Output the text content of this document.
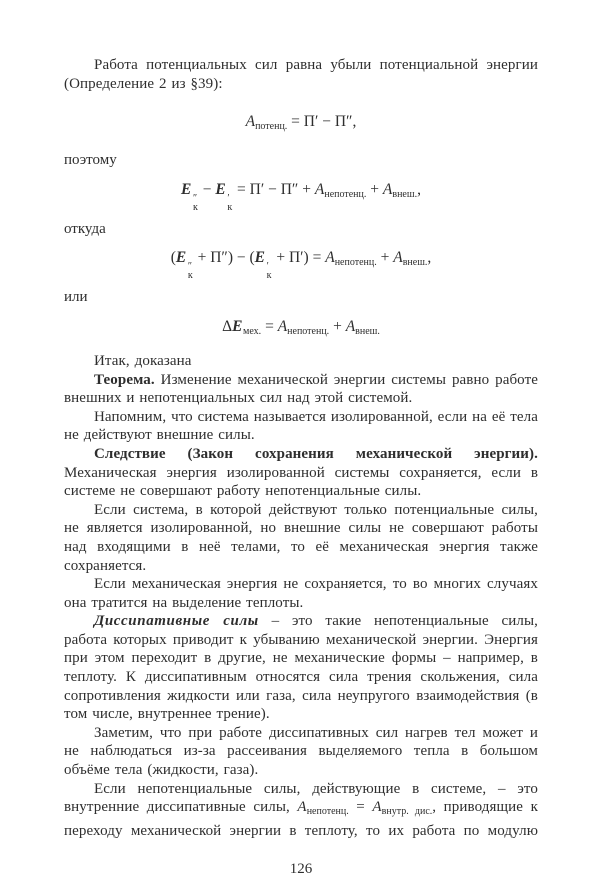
Работа потенциальных сил равна убыли потенциальной энергии (Определение 2 из §39):
$A_{потенц.} = П' - П''$,
поэтому
E
″
к
− E
′
к
= $П' - П'' + A_{непотенц.} + A_{внеш.}$,
откуда
(E
″
к
+ П″) − (E
′
к
+ $П') = A_{непотенц.} + A_{внеш.}$,
или
$\Delta E_{мех.} = A_{непотенц.} + A_{внеш.}$
Итак, доказана
Теорема. Изменение механической энергии системы равно работе внешних и непотенциальных сил над этой системой.
Напомним, что система называется изолированной, если на её тела не действуют внешние силы.
Следствие (Закон сохранения механической энергии). Механическая энергия изолированной системы сохраняется, если в системе не совершают работу непотенциальные силы.
Если система, в которой действуют только потенциальные силы, не является изолированной, но внешние силы не совершают работы над входящими в неё телами, то её механическая энергия также сохраняется.
Если механическая энергия не сохраняется, то во многих случаях она тратится на выделение теплоты.
Диссипативные силы – это такие непотенциальные силы, работа которых приводит к убыванию механической энергии. Энергия при этом переходит в другие, не механические формы – например, в теплоту. К диссипативным относятся сила трения скольжения, сила сопротивления жидкости или газа, сила неупругого взаимодействия (в том числе, внутреннее трение).
Заметим, что при работе диссипативных сил нагрев тел может и не наблюдаться из-за рассеивания выделяемого тепла в большом объёме тела (жидкости, газа).
Если непотенциальные силы, действующие в системе, – это внутренние диссипативные силы, $A_{непотенц.} = A_{внутр. дис.}$, приводящие к переходу механической энергии в теплоту, то их работа по модулю
126
